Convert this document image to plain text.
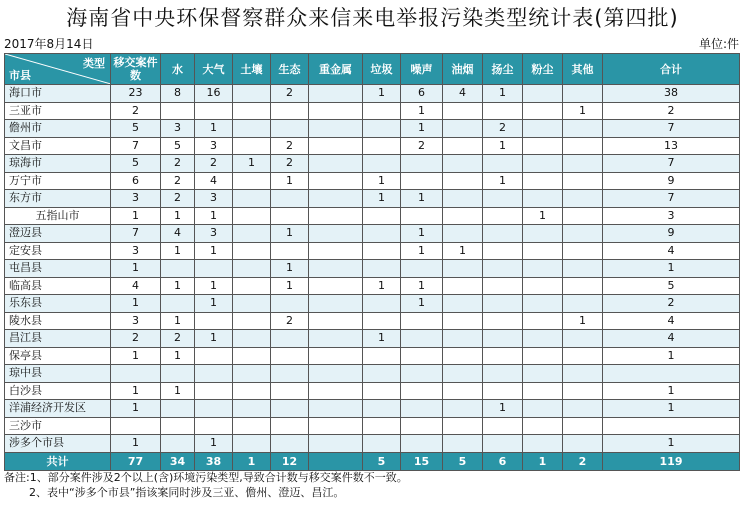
海南省中央环保督察群众来信来电举报污染类型统计表(第四批)
2017年8月14日	单位:件
类型
市县	移交案件数	水	大气	土壤	生态	重金属	垃圾	噪声	油烟	扬尘	粉尘	其他	合计
海口市	23	8	16		2		1	6	4	1			38
三亚市	2							1				1	2
儋州市	5	3	1					1		2			7
文昌市	7	5	3		2			2		1			13
琼海市	5	2	2	1	2								7
万宁市	6	2	4		1		1			1			9
东方市	3	2	3				1	1					7
五指山市	1	1	1								1		3
澄迈县	7	4	3		1			1					9
定安县	3	1	1					1	1				4
屯昌县	1				1								1
临高县	4	1	1		1		1	1					5
乐东县	1		1					1					2
陵水县	3	1			2							1	4
昌江县	2	2	1				1						4
保亭县	1	1											1
琼中县													
白沙县	1	1											1
洋浦经济开发区	1									1			1
三沙市													
涉多个市县	1		1										1
共计	77	34	38	1	12		5	15	5	6	1	2	119
备注:1、部分案件涉及2个以上(含)环境污染类型,导致合计数与移交案件数不一致。
2、表中“涉多个市县”指该案同时涉及三亚、儋州、澄迈、昌江。
